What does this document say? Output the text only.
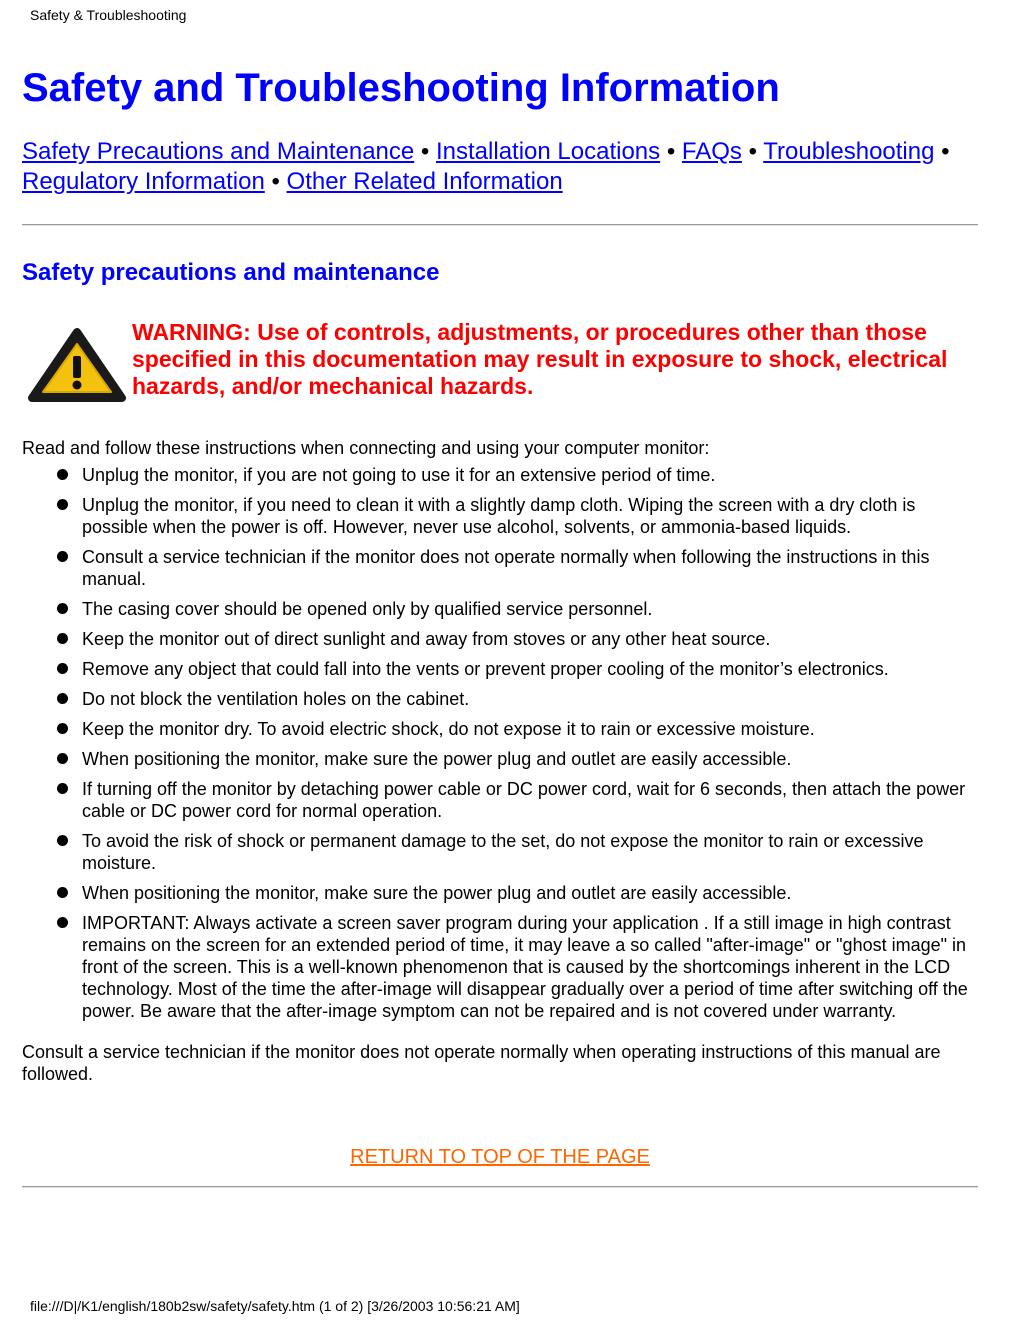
Safety & Troubleshooting
Safety and Troubleshooting Information
Safety Precautions and Maintenance • Installation Locations • FAQs • Troubleshooting •
Regulatory Information • Other Related Information
Safety precautions and maintenance
WARNING: Use of controls, adjustments, or procedures other than those specified in this documentation may result in exposure to shock, electrical hazards, and/or mechanical hazards.
Read and follow these instructions when connecting and using your computer monitor:
Unplug the monitor, if you are not going to use it for an extensive period of time.
Unplug the monitor, if you need to clean it with a slightly damp cloth. Wiping the screen with a dry cloth is possible when the power is off. However, never use alcohol, solvents, or ammonia-based liquids.
Consult a service technician if the monitor does not operate normally when following the instructions in this manual.
The casing cover should be opened only by qualified service personnel.
Keep the monitor out of direct sunlight and away from stoves or any other heat source.
Remove any object that could fall into the vents or prevent proper cooling of the monitor’s electronics.
Do not block the ventilation holes on the cabinet.
Keep the monitor dry. To avoid electric shock, do not expose it to rain or excessive moisture.
When positioning the monitor, make sure the power plug and outlet are easily accessible.
If turning off the monitor by detaching power cable or DC power cord, wait for 6 seconds, then attach the power cable or DC power cord for normal operation.
To avoid the risk of shock or permanent damage to the set, do not expose the monitor to rain or excessive moisture.
When positioning the monitor, make sure the power plug and outlet are easily accessible.
IMPORTANT: Always activate a screen saver program during your application . If a still image in high contrast remains on the screen for an extended period of time, it may leave a so called "after-image" or "ghost image" in front of the screen. This is a well-known phenomenon that is caused by the shortcomings inherent in the LCD technology. Most of the time the after-image will disappear gradually over a period of time after switching off the power. Be aware that the after-image symptom can not be repaired and is not covered under warranty.
Consult a service technician if the monitor does not operate normally when operating instructions of this manual are followed.
RETURN TO TOP OF THE PAGE
file:///D|/K1/english/180b2sw/safety/safety.htm (1 of 2) [3/26/2003 10:56:21 AM]
